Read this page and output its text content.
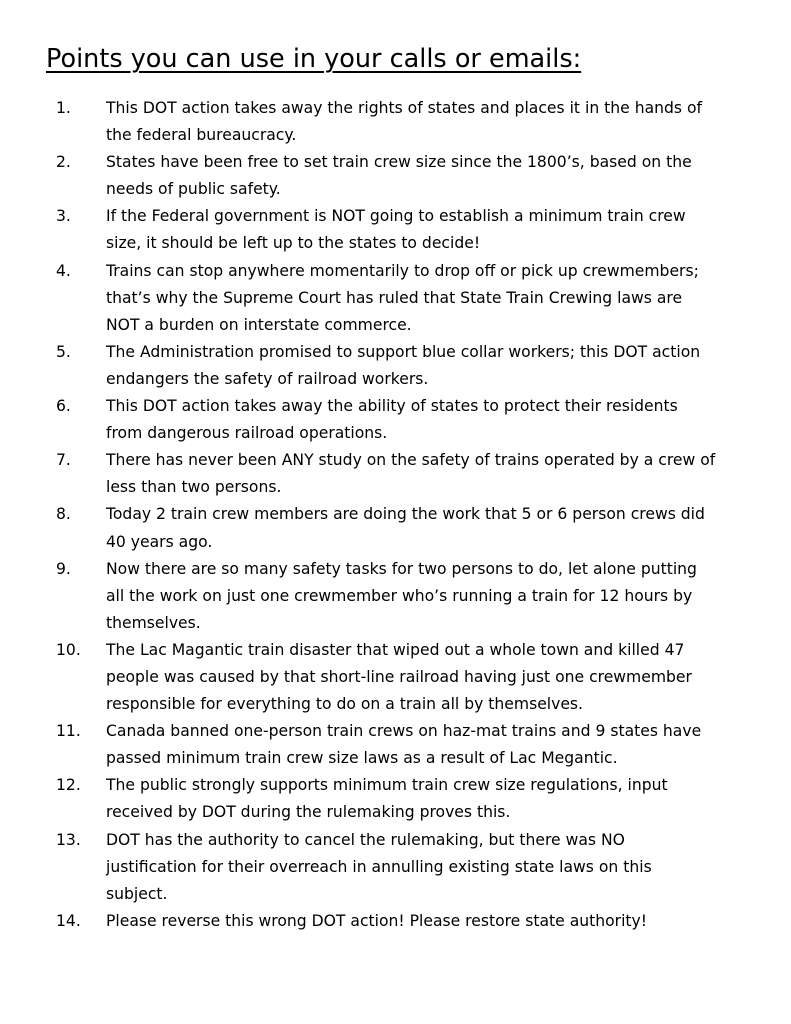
Points you can use in your calls or emails:
1.	This DOT action takes away the rights of states and places it in the hands of the federal bureaucracy.
2.	States have been free to set train crew size since the 1800’s, based on the needs of public safety.
3.	If the Federal government is NOT going to establish a minimum train crew size, it should be left up to the states to decide!
4.	Trains can stop anywhere momentarily to drop off or pick up crewmembers; that’s why the Supreme Court has ruled that State Train Crewing laws are NOT a burden on interstate commerce.
5.	The Administration promised to support blue collar workers; this DOT action endangers the safety of railroad workers.
6.	This DOT action takes away the ability of states to protect their residents from dangerous railroad operations.
7.	There has never been ANY study on the safety of trains operated by a crew of less than two persons.
8.	Today 2 train crew members are doing the work that 5 or 6 person crews did 40 years ago.
9.	Now there are so many safety tasks for two persons to do, let alone putting all the work on just one crewmember who’s running a train for 12 hours by themselves.
10.	The Lac Magantic train disaster that wiped out a whole town and killed 47 people was caused by that short-line railroad having just one crewmember responsible for everything to do on a train all by themselves.
11.	Canada banned one-person train crews on haz-mat trains and 9 states have passed minimum train crew size laws as a result of Lac Megantic.
12.	The public strongly supports minimum train crew size regulations, input received by DOT during the rulemaking proves this.
13.	DOT has the authority to cancel the rulemaking, but there was NO justification for their overreach in annulling existing state laws on this subject.
14.	Please reverse this wrong DOT action! Please restore state authority!
